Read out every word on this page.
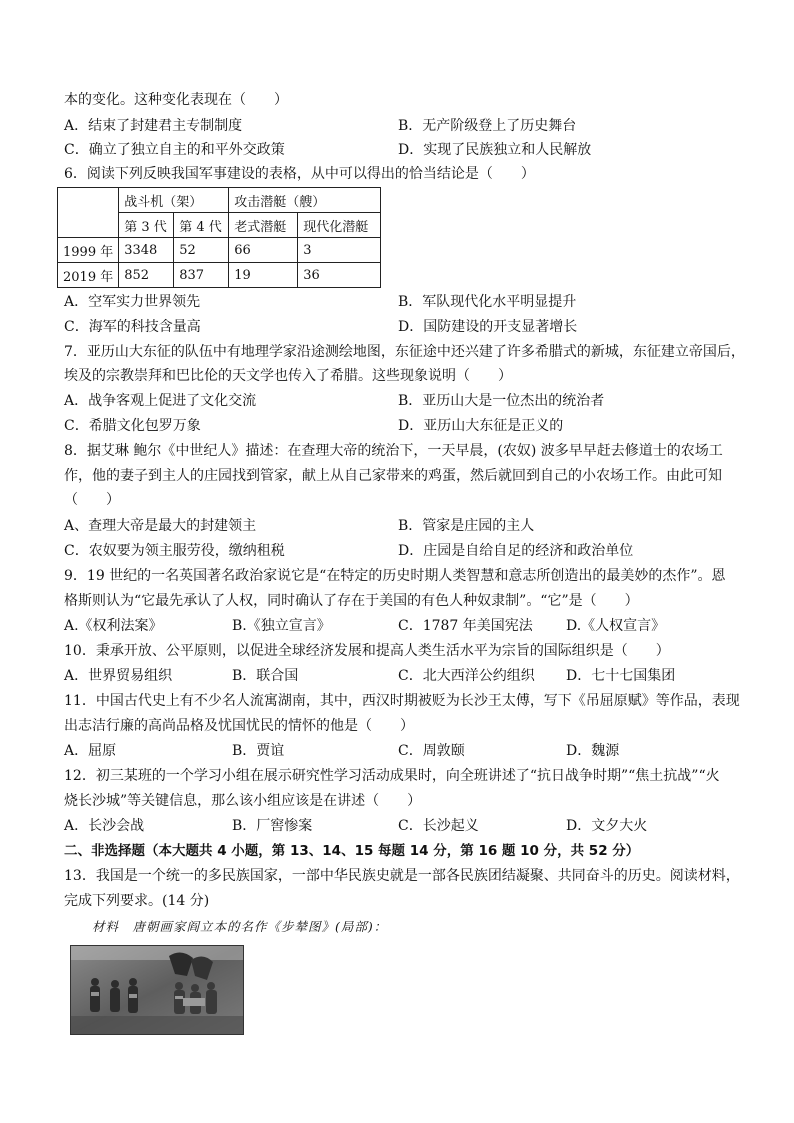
本的变化。这种变化表现在（　　）
A．结束了封建君主专制制度	B．无产阶级登上了历史舞台
C．确立了独立自主的和平外交政策	D．实现了民族独立和人民解放
6．阅读下列反映我国军事建设的表格，从中可以得出的恰当结论是（　　）
	战斗机（架）		攻击潜艇（艘）	
	第 3 代	第 4 代	老式潜艇	现代化潜艇
1999 年	3348	52	66	3
2019 年	852	837	19	36
A．空军实力世界领先	B．军队现代化水平明显提升
C．海军的科技含量高	D．国防建设的开支显著增长
7．亚历山大东征的队伍中有地理学家沿途测绘地图，东征途中还兴建了许多希腊式的新城，东征建立帝国后，
埃及的宗教崇拜和巴比伦的天文学也传入了希腊。这些现象说明（　　）
A．战争客观上促进了文化交流	B．亚历山大是一位杰出的统治者
C．希腊文化包罗万象	D．亚历山大东征是正义的
8．据艾琳 鲍尔《中世纪人》描述：在查理大帝的统治下，一天早晨，(农奴) 波多早早赶去修道士的农场工
作，他的妻子到主人的庄园找到管家，献上从自己家带来的鸡蛋，然后就回到自己的小农场工作。由此可知
（　　）
A、查理大帝是最大的封建领主	B．管家是庄园的主人
C．农奴要为领主服劳役，缴纳租税	D．庄园是自给自足的经济和政治单位
9．19 世纪的一名英国著名政治家说它是“在特定的历史时期人类智慧和意志所创造出的最美妙的杰作”。恩
格斯则认为“它最先承认了人权，同时确认了存在于美国的有色人种奴隶制”。“它”是（　　）
A.《权利法案》	B.《独立宣言》	C．1787 年美国宪法 D.《人权宣言》
10．秉承开放、公平原则，以促进全球经济发展和提高人类生活水平为宗旨的国际组织是（　　）
A．世界贸易组织	B．联合国	C．北大西洋公约组织 D．七十七国集团
11．中国古代史上有不少名人流寓湖南，其中，西汉时期被贬为长沙王太傅，写下《吊屈原赋》等作品，表现
出志洁行廉的高尚品格及忧国忧民的情怀的他是（　　）
A．屈原	B．贾谊	C．周敦颐	D．魏源
12．初三某班的一个学习小组在展示研究性学习活动成果时，向全班讲述了“抗日战争时期”“焦土抗战”“火
烧长沙城”等关键信息，那么该小组应该是在讲述（　　）
A．长沙会战	B．厂窖惨案	C．长沙起义	D．文夕大火
二、非选择题（本大题共 4 小题，第 13、14、15 每题 14 分，第 16 题 10 分，共 52 分）
13．我国是一个统一的多民族国家，一部中华民族史就是一部各民族团结凝聚、共同奋斗的历史。阅读材料，
完成下列要求。(14 分)
材料　唐朝画家阎立本的名作《步辇图》(局部)：
